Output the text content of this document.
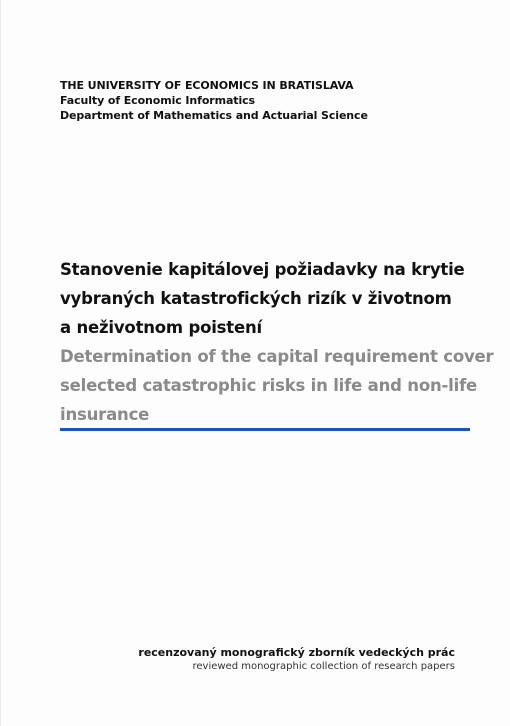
THE UNIVERSITY OF ECONOMICS IN BRATISLAVA
Faculty of Economic Informatics
Department of Mathematics and Actuarial Science
Stanovenie kapitálovej požiadavky na krytie
vybraných katastrofických rizík v životnom
a neživotnom poistení
Determination of the capital requirement cover
selected catastrophic risks in life and non-life
insurance
recenzovaný monografický zborník vedeckých prác
reviewed monographic collection of research papers
